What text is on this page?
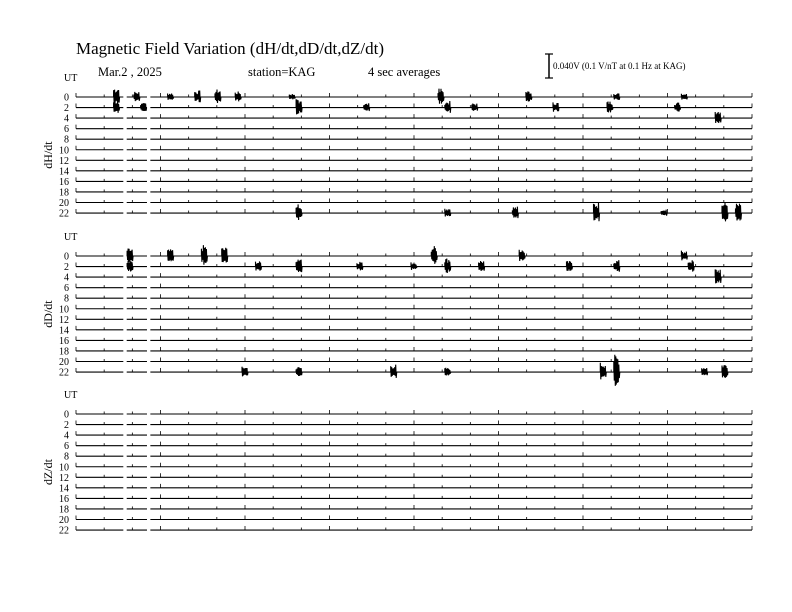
Magnetic Field Variation (dH/dt,dD/dt,dZ/dt)
Mar.2 , 2025	station=KAG	4 sec averages	0.040V (0.1 V/nT at 0.1 Hz at KAG)
UT
dH/dt
0
2
4
6
8
10
12
14
16
18
20
22
UT
dD/dt
0
2
4
6
8
10
12
14
16
18
20
22
UT
dZ/dt
0
2
4
6
8
10
12
14
16
18
20
22
